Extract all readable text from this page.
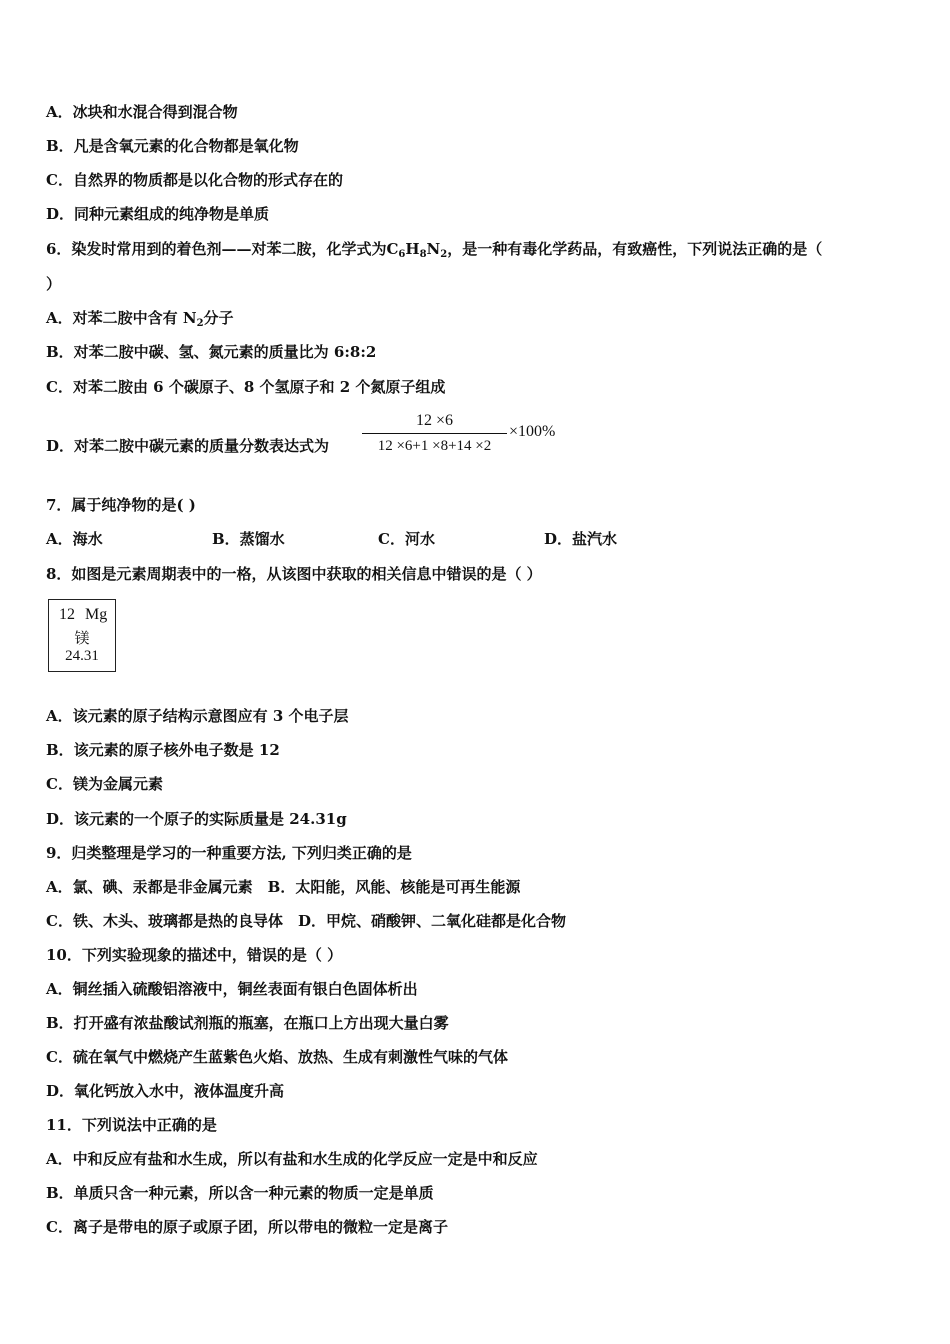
A．冰块和水混合得到混合物
B．凡是含氧元素的化合物都是氧化物
C．自然界的物质都是以化合物的形式存在的
D．同种元素组成的纯净物是单质
6．染发时常用到的着色剂——对苯二胺，化学式为$C_6H_8N_2$，是一种有毒化学药品，有致癌性，下列说法正确的是（
）
A．对苯二胺中含有 $N_2$分子
B．对苯二胺中碳、氢、氮元素的质量比为 6:8:2
C．对苯二胺由 6 个碳原子、8 个氢原子和 2 个氮原子组成
D．对苯二胺中碳元素的质量分数表达式为
12 ×6
12 ×6+1 ×8+14 ×2
×100%
7．属于纯净物的是( )
A．海水	B．蒸馏水	C．河水	D．盐汽水
8．如图是元素周期表中的一格，从该图中获取的相关信息中错误的是（ ）
12 Mg
镁
24.31
A．该元素的原子结构示意图应有 3 个电子层
B．该元素的原子核外电子数是 12
C．镁为金属元素
D．该元素的一个原子的实际质量是 24.31g
9．归类整理是学习的一种重要方法, 下列归类正确的是
A．氯、碘、汞都是非金属元素　B．太阳能，风能、核能是可再生能源
C．铁、木头、玻璃都是热的良导体　D．甲烷、硝酸钾、二氧化硅都是化合物
10．下列实验现象的描述中，错误的是（ ）
A．铜丝插入硫酸铝溶液中，铜丝表面有银白色固体析出
B．打开盛有浓盐酸试剂瓶的瓶塞，在瓶口上方出现大量白雾
C．硫在氧气中燃烧产生蓝紫色火焰、放热、生成有刺激性气味的气体
D．氧化钙放入水中，液体温度升高
11．下列说法中正确的是
A．中和反应有盐和水生成，所以有盐和水生成的化学反应一定是中和反应
B．单质只含一种元素，所以含一种元素的物质一定是单质
C．离子是带电的原子或原子团，所以带电的微粒一定是离子
